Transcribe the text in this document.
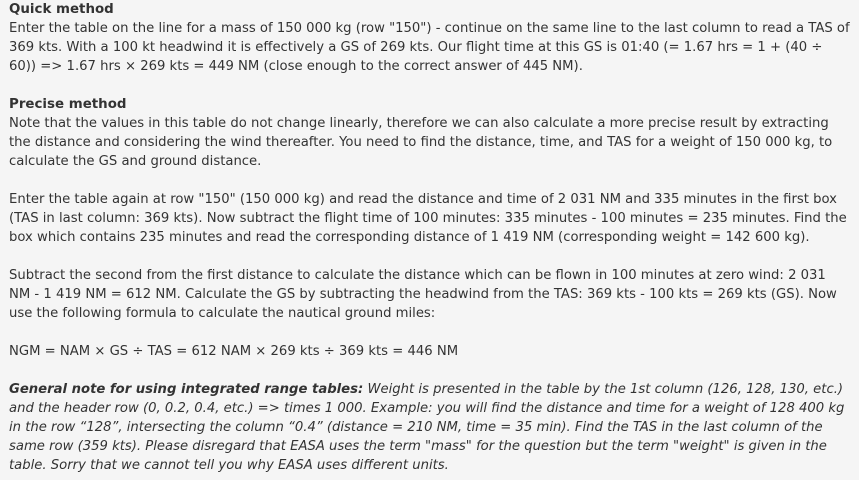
Quick method

Enter the table on the line for a mass of 150 000 kg (row "150") - continue on the same line to the last column to read a TAS of 369 kts. With a 100 kt headwind it is effectively a GS of 269 kts. Our flight time at this GS is 01:40 (= 1.67 hrs = 1 + (40 ÷ 60)) => 1.67 hrs × 269 kts = 449 NM (close enough to the correct answer of 445 NM).

Precise method

Note that the values in this table do not change linearly, therefore we can also calculate a more precise result by extracting the distance and considering the wind thereafter. You need to find the distance, time, and TAS for a weight of 150 000 kg, to calculate the GS and ground distance.

Enter the table again at row "150" (150 000 kg) and read the distance and time of 2 031 NM and 335 minutes in the first box (TAS in last column: 369 kts). Now subtract the flight time of 100 minutes: 335 minutes - 100 minutes = 235 minutes. Find the box which contains 235 minutes and read the corresponding distance of 1 419 NM (corresponding weight = 142 600 kg).

Subtract the second from the first distance to calculate the distance which can be flown in 100 minutes at zero wind: 2 031 NM - 1 419 NM = 612 NM. Calculate the GS by subtracting the headwind from the TAS: 369 kts - 100 kts = 269 kts (GS). Now use the following formula to calculate the nautical ground miles:

NGM = NAM × GS ÷ TAS = 612 NAM × 269 kts ÷ 369 kts = 446 NM

General note for using integrated range tables: Weight is presented in the table by the 1st column (126, 128, 130, etc.) and the header row (0, 0.2, 0.4, etc.) => times 1 000. Example: you will find the distance and time for a weight of 128 400 kg in the row “128”, intersecting the column “0.4” (distance = 210 NM, time = 35 min). Find the TAS in the last column of the same row (359 kts). Please disregard that EASA uses the term "mass" for the question but the term "weight" is given in the table. Sorry that we cannot tell you why EASA uses different units.
